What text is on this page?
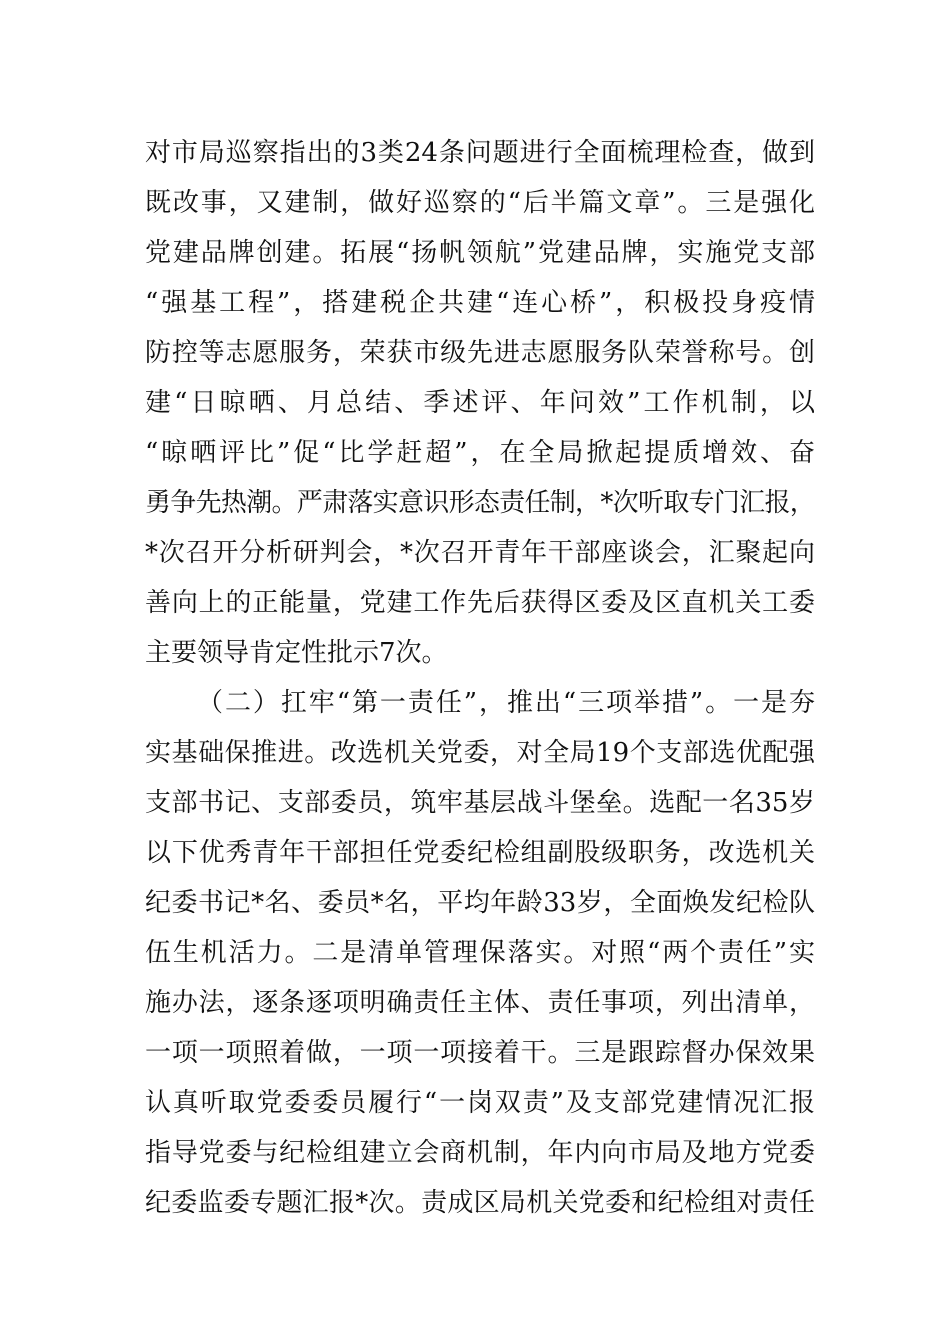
对市局巡察指出的3类24条问题进行全面梳理检查，做到
既改事，又建制，做好巡察的“后半篇文章”。三是强化
党建品牌创建。拓展“扬帆领航”党建品牌，实施党支部
“强基工程”，搭建税企共建“连心桥”，积极投身疫情
防控等志愿服务，荣获市级先进志愿服务队荣誉称号。创
建“日晾晒、月总结、季述评、年问效”工作机制，以
“晾晒评比”促“比学赶超”，在全局掀起提质增效、奋
勇争先热潮。严肃落实意识形态责任制，*次听取专门汇报，
*次召开分析研判会，*次召开青年干部座谈会，汇聚起向
善向上的正能量，党建工作先后获得区委及区直机关工委
主要领导肯定性批示7次。
（二）扛牢“第一责任”，推出“三项举措”。一是夯
实基础保推进。改选机关党委，对全局19个支部选优配强
支部书记、支部委员，筑牢基层战斗堡垒。选配一名35岁
以下优秀青年干部担任党委纪检组副股级职务，改选机关
纪委书记*名、委员*名，平均年龄33岁，全面焕发纪检队
伍生机活力。二是清单管理保落实。对照“两个责任”实
施办法，逐条逐项明确责任主体、责任事项，列出清单，
一项一项照着做，一项一项接着干。三是跟踪督办保效果
认真听取党委委员履行“一岗双责”及支部党建情况汇报
指导党委与纪检组建立会商机制，年内向市局及地方党委
纪委监委专题汇报*次。责成区局机关党委和纪检组对责任
